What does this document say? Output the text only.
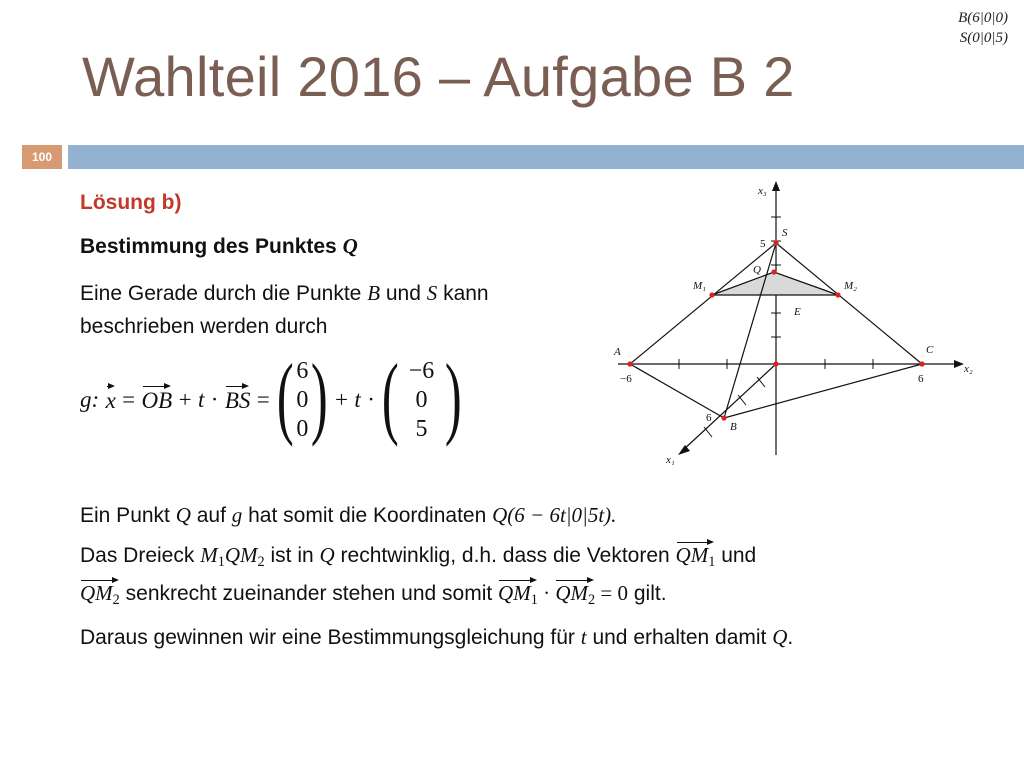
B(6|0|0)
S(0|0|5)
Wahlteil 2016 – Aufgabe B 2
100
Lösung b)
Bestimmung des Punktes Q
Eine Gerade durch die Punkte B und S kann
beschrieben werden durch
g:
x
=
OB
+
t
·
BS
= ( 6
0
0 ) +
t
· ( −6
0
5 )
Ein Punkt Q auf g hat somit die Koordinaten Q(6 − 6t|0|5t).
Das Dreieck $M_1QM_2$ ist in Q rechtwinklig, d.h. dass die Vektoren $QM_1$ und
$QM_2$ senkrecht zueinander stehen und somit $QM_1 \cdot QM_2 = 0$ gilt.
Daraus gewinnen wir eine Bestimmungsgleichung für t und erhalten damit Q.
x₃
x₂
x₁
S
Q
M₁	M₂
E
A	C
B
5
−6	6
6
